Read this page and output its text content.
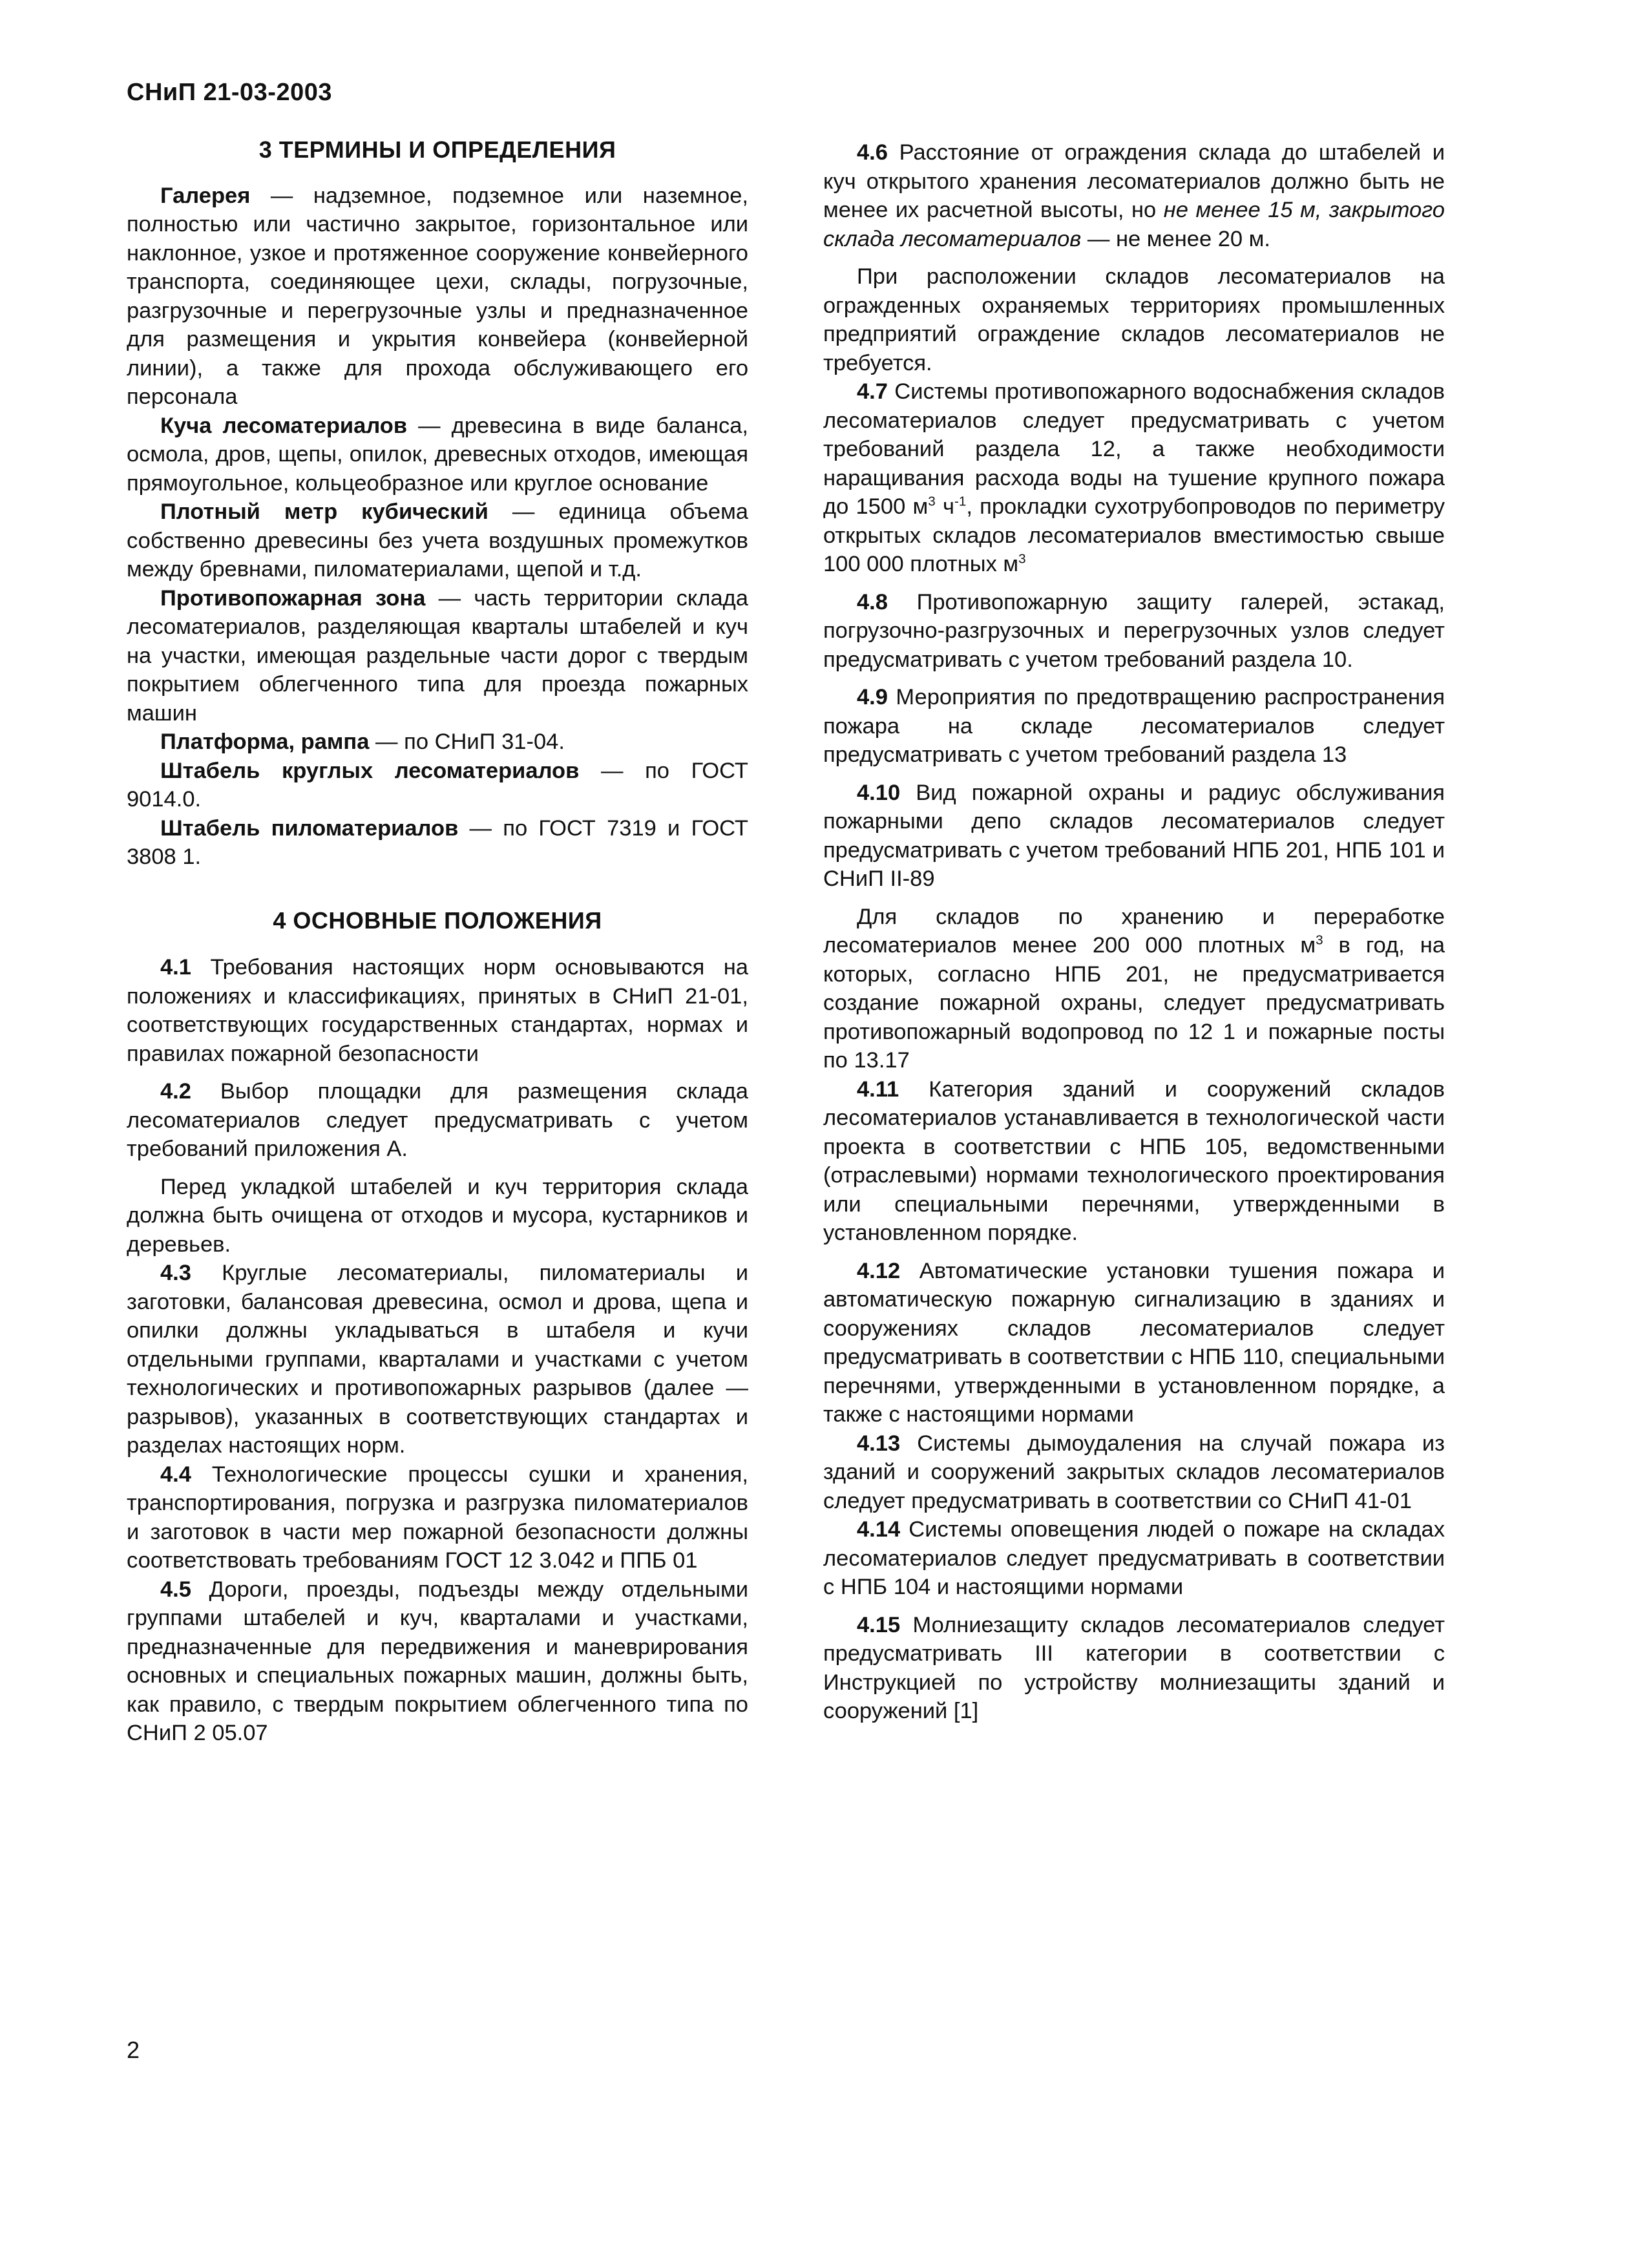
СНиП 21-03-2003
3 ТЕРМИНЫ И ОПРЕДЕЛЕНИЯ

Галерея — надземное, подземное или наземное, полностью или частично закрытое, горизонтальное или наклонное, узкое и протяженное сооружение конвейерного транспорта, соединяющее цехи, склады, погрузочные, разгрузочные и перегрузочные узлы и предназначенное для размещения и укрытия конвейера (конвейерной линии), а также для прохода обслуживающего его персонала

Куча лесоматериалов — древесина в виде баланса, осмола, дров, щепы, опилок, древесных отходов, имеющая прямоугольное, кольцеобразное или круглое основание

Плотный метр кубический — единица объема собственно древесины без учета воздушных промежутков между бревнами, пиломатериалами, щепой и т.д.

Противопожарная зона — часть территории склада лесоматериалов, разделяющая кварталы штабелей и куч на участки, имеющая раздельные части дорог с твердым покрытием облегченного типа для проезда пожарных машин

Платформа, рампа — по СНиП 31-04.

Штабель круглых лесоматериалов — по ГОСТ 9014.0.

Штабель пиломатериалов — по ГОСТ 7319 и ГОСТ 3808 1.

4 ОСНОВНЫЕ ПОЛОЖЕНИЯ

4.1 Требования настоящих норм основываются на положениях и классификациях, принятых в СНиП 21-01, соответствующих государственных стандартах, нормах и правилах пожарной безопасности

4.2 Выбор площадки для размещения склада лесоматериалов следует предусматривать с учетом требований приложения А.

Перед укладкой штабелей и куч территория склада должна быть очищена от отходов и мусора, кустарников и деревьев.

4.3 Круглые лесоматериалы, пиломатериалы и заготовки, балансовая древесина, осмол и дрова, щепа и опилки должны укладываться в штабеля и кучи отдельными группами, кварталами и участками с учетом технологических и противопожарных разрывов (далее — разрывов), указанных в соответствующих стандартах и разделах настоящих норм.

4.4 Технологические процессы сушки и хранения, транспортирования, погрузка и разгрузка пиломатериалов и заготовок в части мер пожарной безопасности должны соответствовать требованиям ГОСТ 12 3.042 и ППБ 01

4.5 Дороги, проезды, подъезды между отдельными группами штабелей и куч, кварталами и участками, предназначенные для передвижения и маневрирования основных и специальных пожарных машин, должны быть, как правило, с твердым покрытием облегченного типа по СНиП 2 05.07

4.6 Расстояние от ограждения склада до штабелей и куч открытого хранения лесоматериалов должно быть не менее их расчетной высоты, но не менее 15 м, закрытого склада лесоматериалов — не менее 20 м.

При расположении складов лесоматериалов на огражденных охраняемых территориях промышленных предприятий ограждение складов лесоматериалов не требуется.

4.7 Системы противопожарного водоснабжения складов лесоматериалов следует предусматривать с учетом требований раздела 12, а также необходимости наращивания расхода воды на тушение крупного пожара до 1500 $м^3$ $ч^{-1}$, прокладки сухотрубопроводов по периметру открытых складов лесоматериалов вместимостью свыше 100 000 плотных $м^3$

4.8 Противопожарную защиту галерей, эстакад, погрузочно-разгрузочных и перегрузочных узлов следует предусматривать с учетом требований раздела 10.

4.9 Мероприятия по предотвращению распространения пожара на складе лесоматериалов следует предусматривать с учетом требований раздела 13

4.10 Вид пожарной охраны и радиус обслуживания пожарными депо складов лесоматериалов следует предусматривать с учетом требований НПБ 201, НПБ 101 и СНиП II-89

Для складов по хранению и переработке лесоматериалов менее 200 000 плотных $м^3$ в год, на которых, согласно НПБ 201, не предусматривается создание пожарной охраны, следует предусматривать противопожарный водопровод по 12 1 и пожарные посты по 13.17

4.11 Категория зданий и сооружений складов лесоматериалов устанавливается в технологической части проекта в соответствии с НПБ 105, ведомственными (отраслевыми) нормами технологического проектирования или специальными перечнями, утвержденными в установленном порядке.

4.12 Автоматические установки тушения пожара и автоматическую пожарную сигнализацию в зданиях и сооружениях складов лесоматериалов следует предусматривать в соответствии с НПБ 110, специальными перечнями, утвержденными в установленном порядке, а также с настоящими нормами

4.13 Системы дымоудаления на случай пожара из зданий и сооружений закрытых складов лесоматериалов следует предусматривать в соответствии со СНиП 41-01

4.14 Системы оповещения людей о пожаре на складах лесоматериалов следует предусматривать в соответствии с НПБ 104 и настоящими нормами

4.15 Молниезащиту складов лесоматериалов следует предусматривать III категории в соответствии с Инструкцией по устройству молниезащиты зданий и сооружений [1]

2
